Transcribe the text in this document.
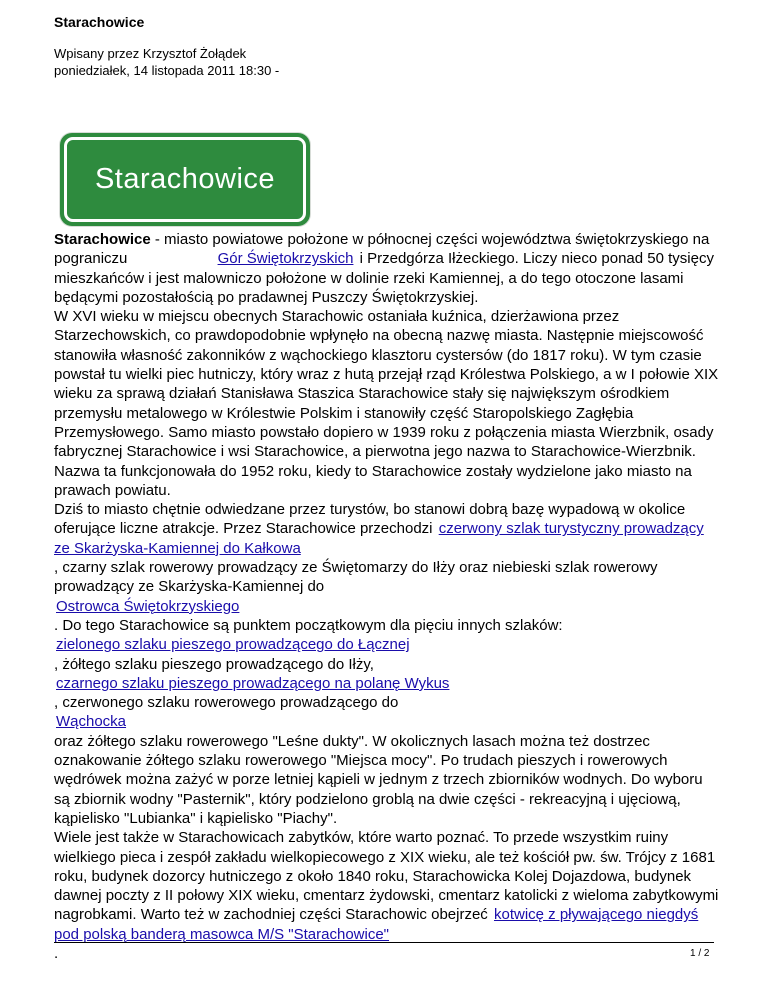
Starachowice
Wpisany przez Krzysztof Żołądek
poniedziałek, 14 listopada 2011 18:30 -
Starachowice
Starachowice - miasto powiatowe położone w północnej części województwa świętokrzyskiego na pograniczu	Gór Świętokrzyskich i Przedgórza Iłżeckiego. Liczy nieco ponad 50 tysięcy mieszkańców i jest malowniczo położone w dolinie rzeki Kamiennej, a do tego otoczone lasami będącymi pozostałością po pradawnej Puszczy Świętokrzyskiej.
W XVI wieku w miejscu obecnych Starachowic ostaniała kuźnica, dzierżawiona przez Starzechowskich, co prawdopodobnie wpłynęło na obecną nazwę miasta. Następnie miejscowość stanowiła własność zakonników z wąchockiego klasztoru cystersów (do 1817 roku). W tym czasie powstał tu wielki piec hutniczy, który wraz z hutą przejął rząd Królestwa Polskiego, a w I połowie XIX wieku za sprawą działań Stanisława Staszica Starachowice stały się największym ośrodkiem przemysłu metalowego w Królestwie Polskim i stanowiły część Staropolskiego Zagłębia Przemysłowego. Samo miasto powstało dopiero w 1939 roku z połączenia miasta Wierzbnik, osady fabrycznej Starachowice i wsi Starachowice, a pierwotna jego nazwa to Starachowice-Wierzbnik. Nazwa ta funkcjonowała do 1952 roku, kiedy to Starachowice zostały wydzielone jako miasto na prawach powiatu.
Dziś to miasto chętnie odwiedzane przez turystów, bo stanowi dobrą bazę wypadową w okolice oferujące liczne atrakcje. Przez Starachowice przechodzi czerwony szlak turystyczny prowadzący ze Skarżyska-Kamiennej do Kałkowa
, czarny szlak rowerowy prowadzący ze Świętomarzy do Iłży oraz niebieski szlak rowerowy prowadzący ze Skarżyska-Kamiennej do
Ostrowca Świętokrzyskiego
. Do tego Starachowice są punktem początkowym dla pięciu innych szlaków:
zielonego szlaku pieszego prowadzącego do Łącznej
, żółtego szlaku pieszego prowadzącego do Iłży,
czarnego szlaku pieszego prowadzącego na polanę Wykus
, czerwonego szlaku rowerowego prowadzącego do
Wąchocka
oraz żółtego szlaku rowerowego "Leśne dukty". W okolicznych lasach można też dostrzec oznakowanie żółtego szlaku rowerowego "Miejsca mocy". Po trudach pieszych i rowerowych wędrówek można zażyć w porze letniej kąpieli w jednym z trzech zbiorników wodnych. Do wyboru są zbiornik wodny "Pasternik", który podzielono groblą na dwie części - rekreacyjną i ujęciową, kąpielisko "Lubianka" i kąpielisko "Piachy".
Wiele jest także w Starachowicach zabytków, które warto poznać. To przede wszystkim ruiny wielkiego pieca i zespół zakładu wielkopiecowego z XIX wieku, ale też kościół pw. św. Trójcy z 1681 roku, budynek dozorcy hutniczego z około 1840 roku, Starachowicka Kolej Dojazdowa, budynek dawnej poczty z II połowy XIX wieku, cmentarz żydowski, cmentarz katolicki z wieloma zabytkowymi nagrobkami. Warto też w zachodniej części Starachowic obejrzeć kotwicę z pływającego niegdyś pod polską banderą masowca M/S "Starachowice"
.	1 / 2
